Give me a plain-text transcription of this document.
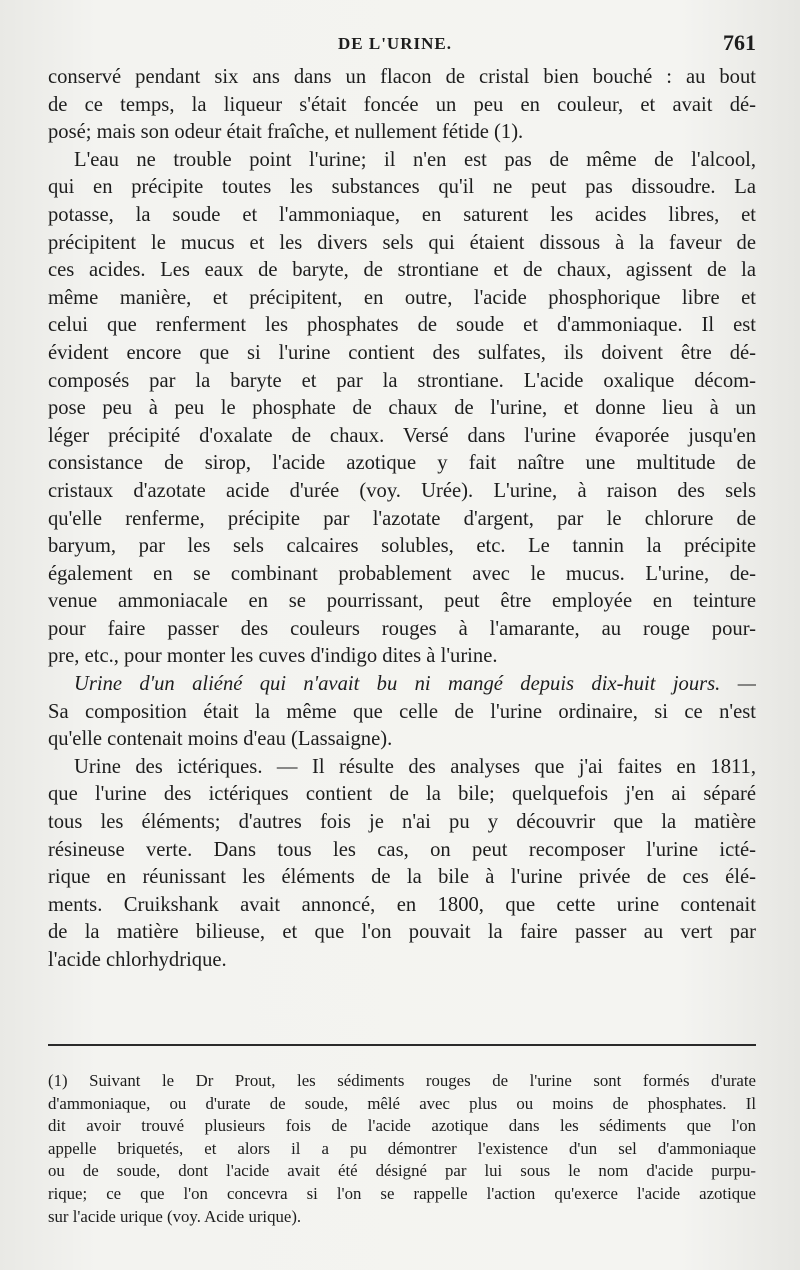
DE L'URINE.	761
conservé pendant six ans dans un flacon de cristal bien bouché : au bout
de ce temps, la liqueur s'était foncée un peu en couleur, et avait dé-
posé; mais son odeur était fraîche, et nullement fétide (1).
L'eau ne trouble point l'urine; il n'en est pas de même de l'alcool,
qui en précipite toutes les substances qu'il ne peut pas dissoudre. La
potasse, la soude et l'ammoniaque, en saturent les acides libres, et
précipitent le mucus et les divers sels qui étaient dissous à la faveur de
ces acides. Les eaux de baryte, de strontiane et de chaux, agissent de la
même manière, et précipitent, en outre, l'acide phosphorique libre et
celui que renferment les phosphates de soude et d'ammoniaque. Il est
évident encore que si l'urine contient des sulfates, ils doivent être dé-
composés par la baryte et par la strontiane. L'acide oxalique décom-
pose peu à peu le phosphate de chaux de l'urine, et donne lieu à un
léger précipité d'oxalate de chaux. Versé dans l'urine évaporée jusqu'en
consistance de sirop, l'acide azotique y fait naître une multitude de
cristaux d'azotate acide d'urée (voy. Urée). L'urine, à raison des sels
qu'elle renferme, précipite par l'azotate d'argent, par le chlorure de
baryum, par les sels calcaires solubles, etc. Le tannin la précipite
également en se combinant probablement avec le mucus. L'urine, de-
venue ammoniacale en se pourrissant, peut être employée en teinture
pour faire passer des couleurs rouges à l'amarante, au rouge pour-
pre, etc., pour monter les cuves d'indigo dites à l'urine.
Urine d'un aliéné qui n'avait bu ni mangé depuis dix-huit jours. —
Sa composition était la même que celle de l'urine ordinaire, si ce n'est
qu'elle contenait moins d'eau (Lassaigne).
Urine des ictériques. — Il résulte des analyses que j'ai faites en 1811,
que l'urine des ictériques contient de la bile; quelquefois j'en ai séparé
tous les éléments; d'autres fois je n'ai pu y découvrir que la matière
résineuse verte. Dans tous les cas, on peut recomposer l'urine icté-
rique en réunissant les éléments de la bile à l'urine privée de ces élé-
ments. Cruikshank avait annoncé, en 1800, que cette urine contenait
de la matière bilieuse, et que l'on pouvait la faire passer au vert par
l'acide chlorhydrique.
(1) Suivant le Dr Prout, les sédiments rouges de l'urine sont formés d'urate
d'ammoniaque, ou d'urate de soude, mêlé avec plus ou moins de phosphates. Il
dit avoir trouvé plusieurs fois de l'acide azotique dans les sédiments que l'on
appelle briquetés, et alors il a pu démontrer l'existence d'un sel d'ammoniaque
ou de soude, dont l'acide avait été désigné par lui sous le nom d'acide purpu-
rique; ce que l'on concevra si l'on se rappelle l'action qu'exerce l'acide azotique
sur l'acide urique (voy. Acide urique).
